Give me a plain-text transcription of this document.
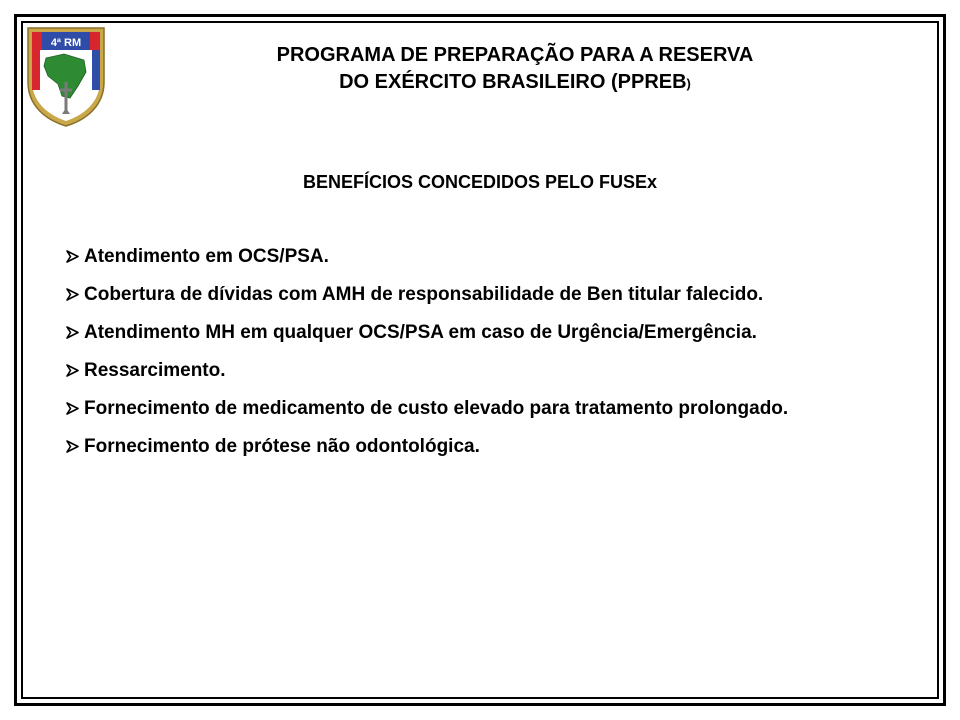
4ª RM
PROGRAMA DE PREPARAÇÃO PARA A RESERVA
DO EXÉRCITO BRASILEIRO (PPREB)
BENEFÍCIOS CONCEDIDOS PELO FUSEx
Atendimento em OCS/PSA.
Cobertura de dívidas com AMH de responsabilidade de Ben titular falecido.
Atendimento MH em qualquer OCS/PSA em caso de Urgência/Emergência.
Ressarcimento.
Fornecimento de medicamento de custo elevado para tratamento prolongado.
Fornecimento de prótese não odontológica.
